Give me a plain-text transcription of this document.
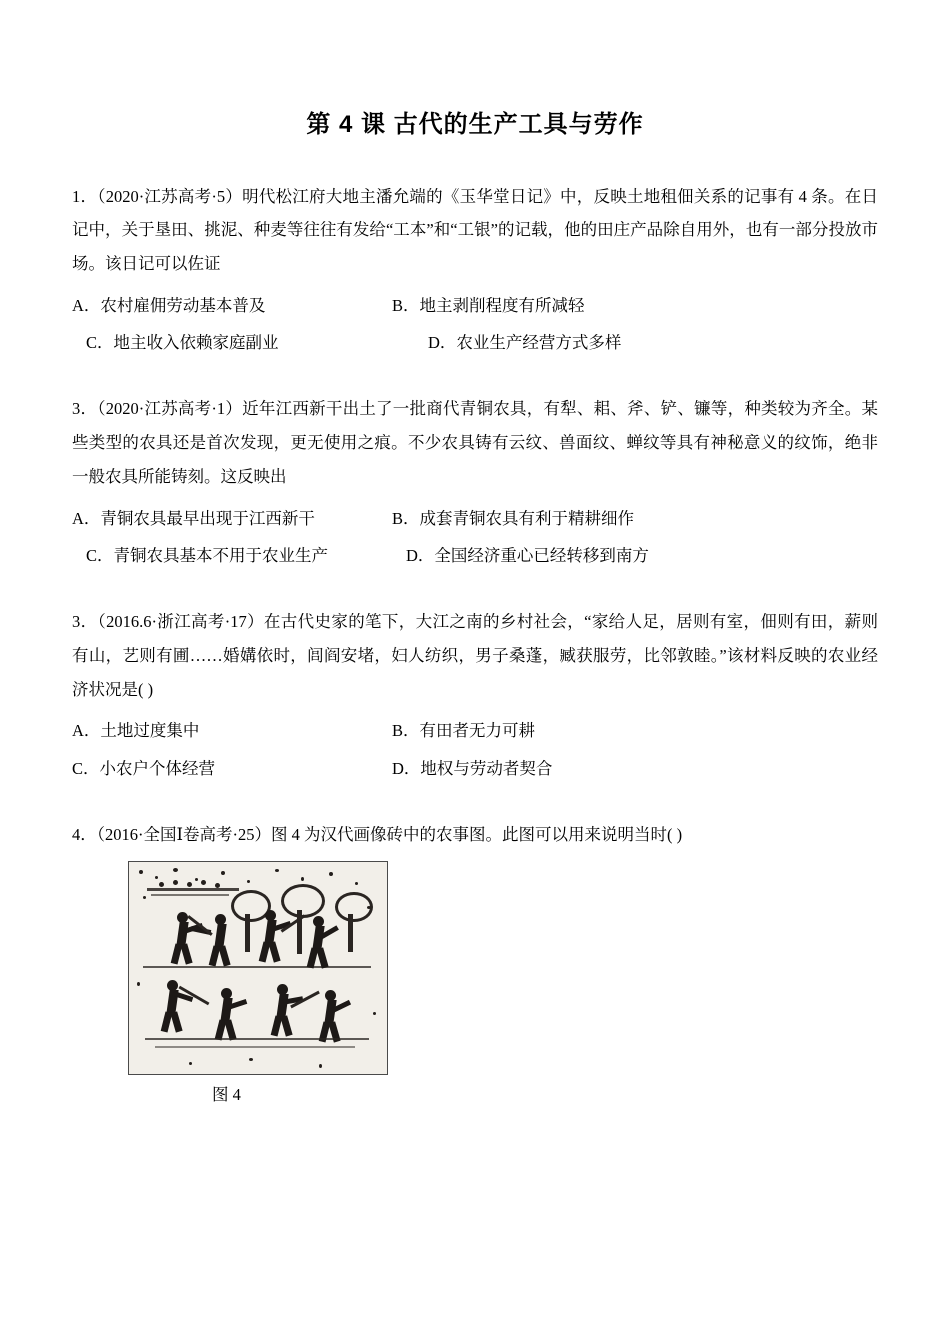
第 4 课 古代的生产工具与劳作

1．（2020·江苏高考·5）明代松江府大地主潘允端的《玉华堂日记》中，反映土地租佃关系的记事有 4 条。在日记中，关于垦田、挑泥、种麦等往往有发给“工本”和“工银”的记载，他的田庄产品除自用外，也有一部分投放市场。该日记可以佐证

A．农村雇佣劳动基本普及	B．地主剥削程度有所减轻
C．地主收入依赖家庭副业	D．农业生产经营方式多样

3．（2020·江苏高考·1）近年江西新干出土了一批商代青铜农具，有犁、耜、斧、铲、镰等，种类较为齐全。某些类型的农具还是首次发现，更无使用之痕。不少农具铸有云纹、兽面纹、蝉纹等具有神秘意义的纹饰，绝非一般农具所能铸刻。这反映出

A．青铜农具最早出现于江西新干	B．成套青铜农具有利于精耕细作
C．青铜农具基本不用于农业生产	D．全国经济重心已经转移到南方

3．（2016.6·浙江高考·17）在古代史家的笔下，大江之南的乡村社会，“家给人足，居则有室，佃则有田，薪则有山，艺则有圃……婚媾依时，闾阎安堵，妇人纺织，男子桑蓬，臧获服劳，比邻敦睦。”该材料反映的农业经济状况是( )

A．土地过度集中	B．有田者无力可耕
C．小农户个体经营	D．地权与劳动者契合

4．（2016·全国Ⅰ卷高考·25）图 4 为汉代画像砖中的农事图。此图可以用来说明当时( )

图 4
